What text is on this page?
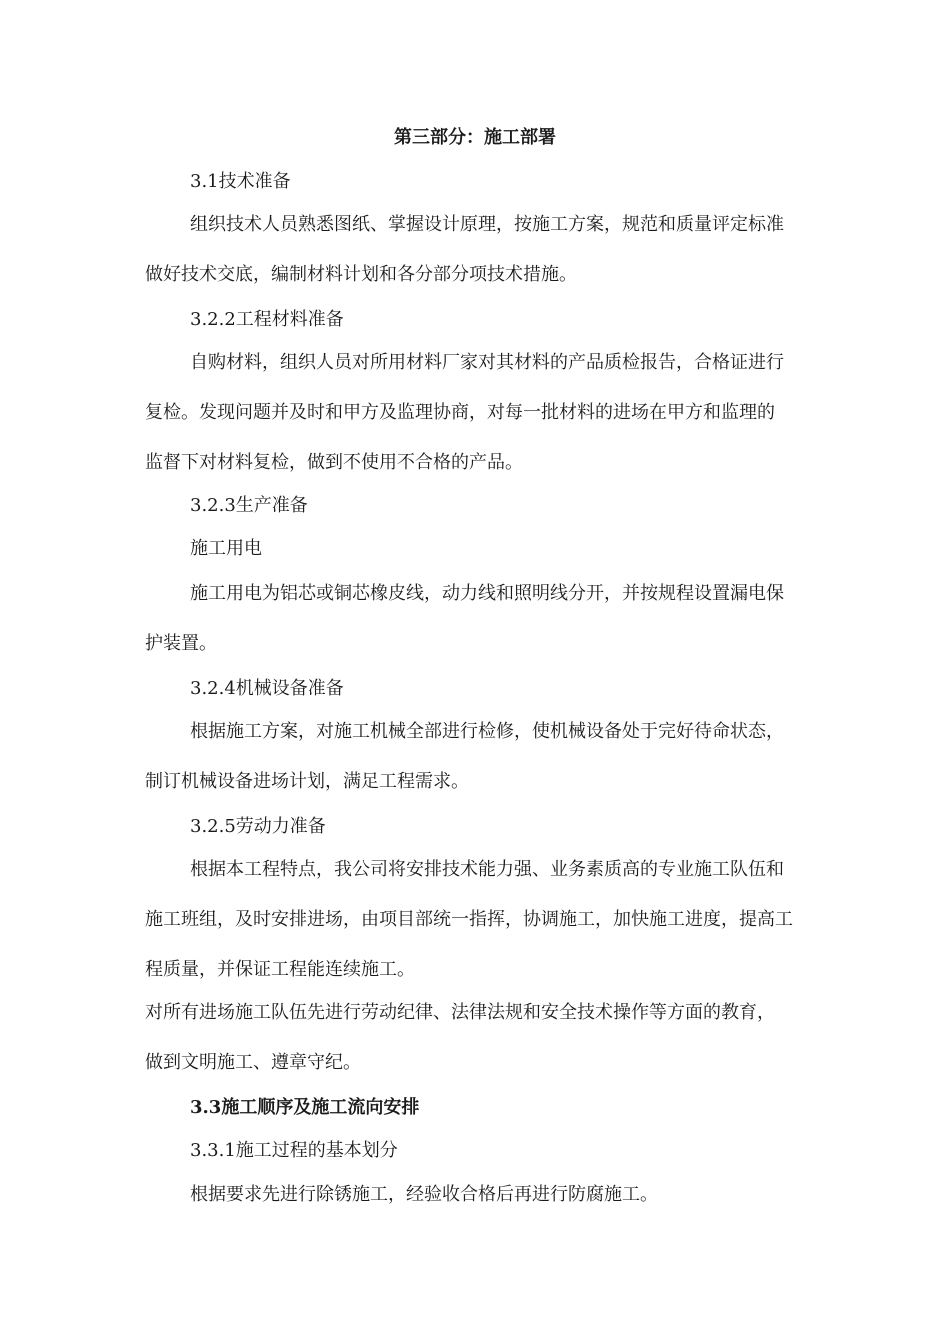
第三部分：施工部署

3.1技术准备

组织技术人员熟悉图纸、掌握设计原理，按施工方案，规范和质量评定标准

做好技术交底，编制材料计划和各分部分项技术措施。

3.2.2工程材料准备

自购材料，组织人员对所用材料厂家对其材料的产品质检报告，合格证进行

复检。发现问题并及时和甲方及监理协商，对每一批材料的进场在甲方和监理的

监督下对材料复检，做到不使用不合格的产品。

3.2.3生产准备

施工用电

施工用电为铝芯或铜芯橡皮线，动力线和照明线分开，并按规程设置漏电保

护装置。

3.2.4机械设备准备

根据施工方案，对施工机械全部进行检修，使机械设备处于完好待命状态，

制订机械设备进场计划，满足工程需求。

3.2.5劳动力准备

根据本工程特点，我公司将安排技术能力强、业务素质高的专业施工队伍和

施工班组，及时安排进场，由项目部统一指挥，协调施工，加快施工进度，提高工

程质量，并保证工程能连续施工。

对所有进场施工队伍先进行劳动纪律、法律法规和安全技术操作等方面的教育，

做到文明施工、遵章守纪。

3.3施工顺序及施工流向安排

3.3.1施工过程的基本划分

根据要求先进行除锈施工，经验收合格后再进行防腐施工。
